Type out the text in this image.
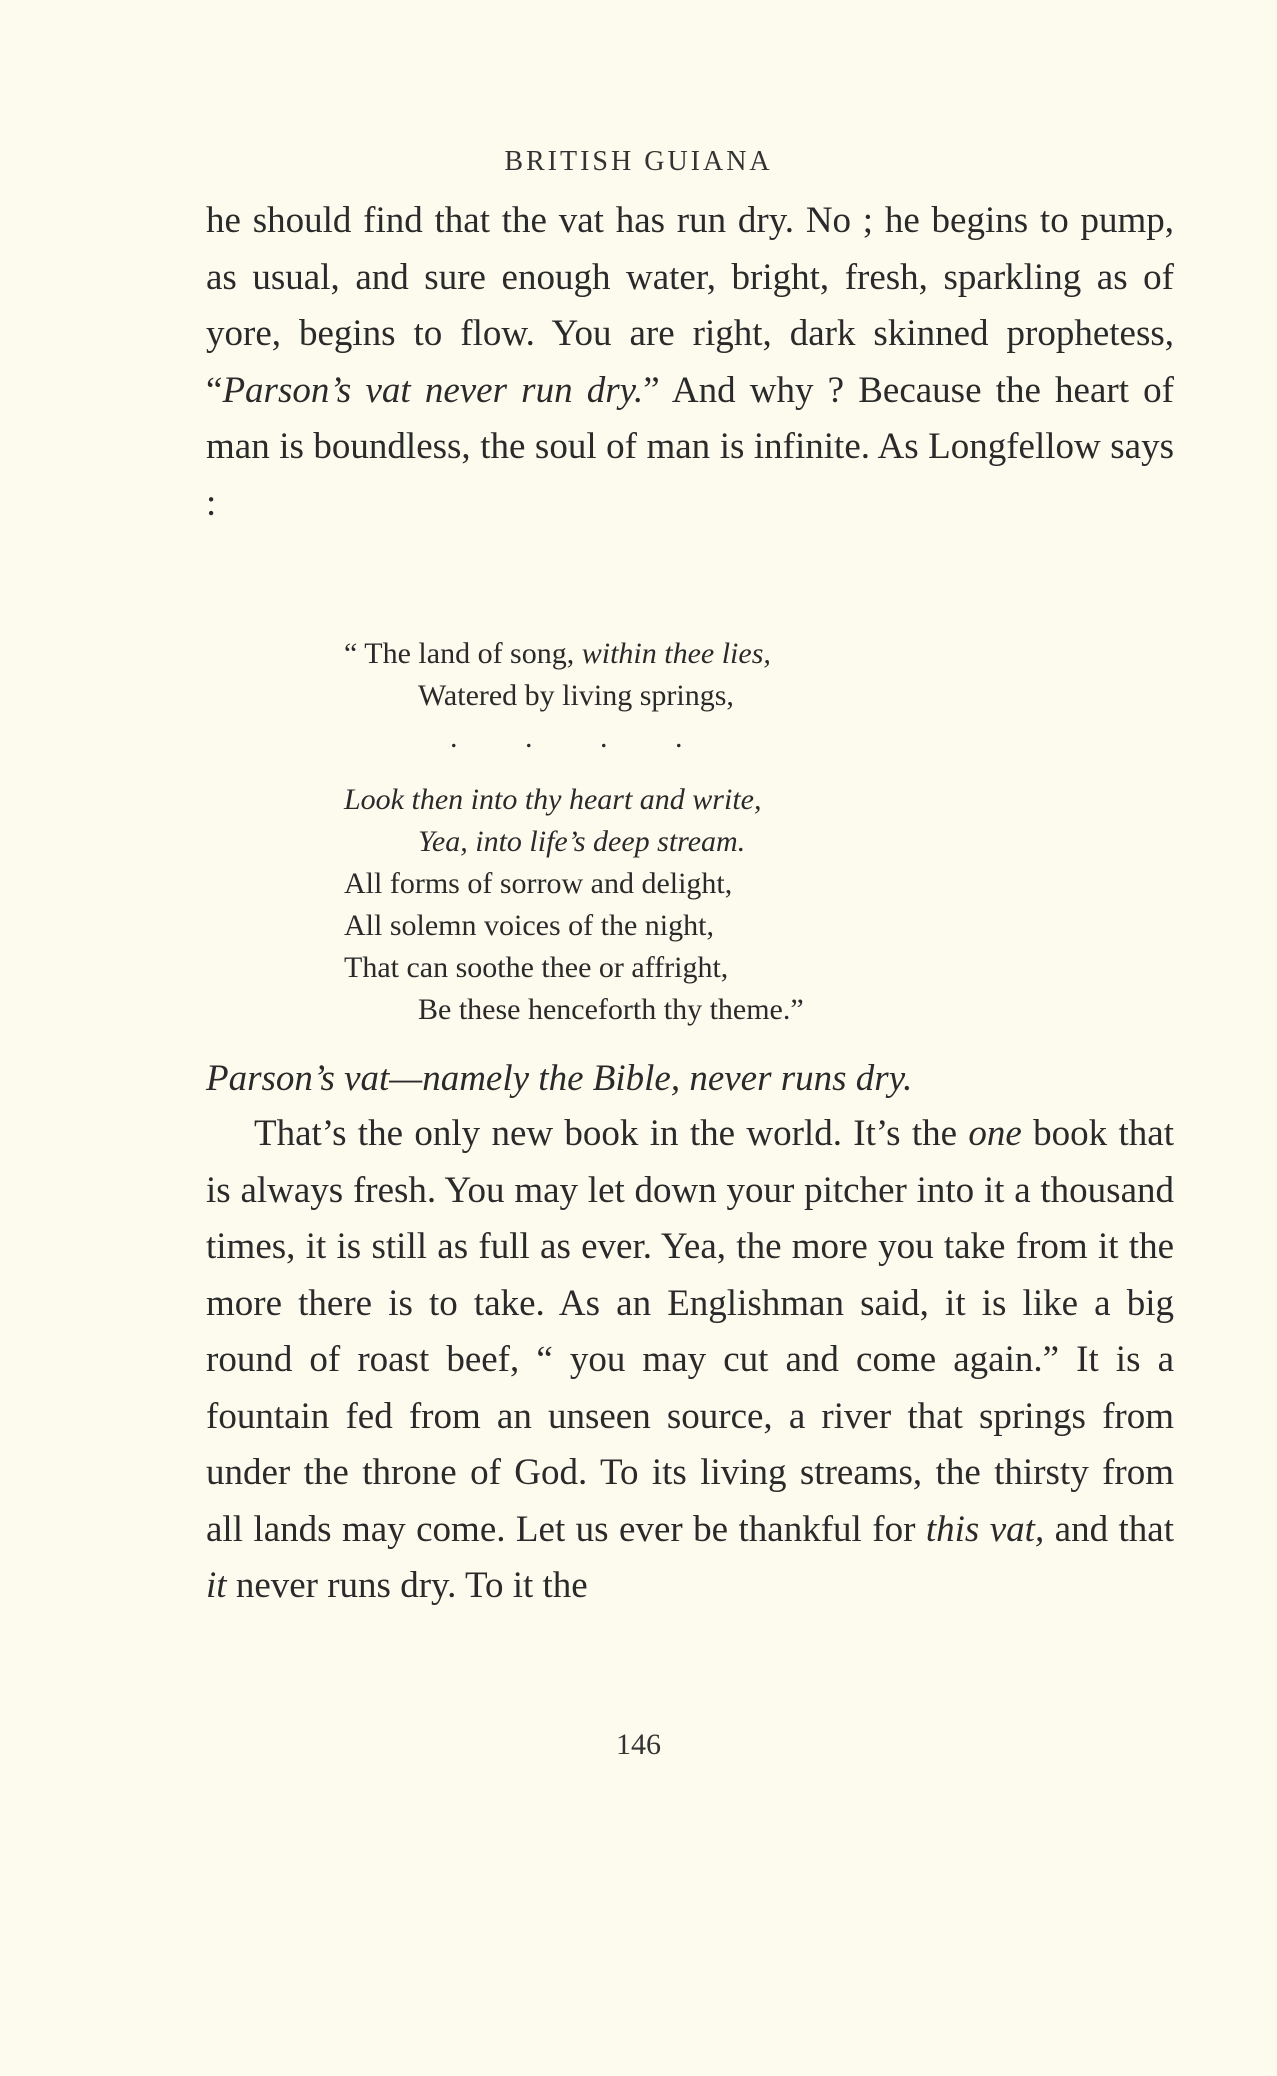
BRITISH GUIANA

he should find that the vat has run dry. No ; he begins to pump, as usual, and sure enough water, bright, fresh, sparkling as of yore, begins to flow. You are right, dark skinned prophetess, “Parson’s vat never run dry.” And why ? Because the heart of man is boundless, the soul of man is infinite. As Longfellow says :

“ The land of song, within thee lies,
Watered by living springs,
. . . .
Look then into thy heart and write,
Yea, into life’s deep stream.
All forms of sorrow and delight,
All solemn voices of the night,
That can soothe thee or affright,
Be these henceforth thy theme.”
Parson’s vat—namely the Bible, never runs dry.

That’s the only new book in the world. It’s the one book that is always fresh. You may let down your pitcher into it a thousand times, it is still as full as ever. Yea, the more you take from it the more there is to take. As an Englishman said, it is like a big round of roast beef, “ you may cut and come again.” It is a fountain fed from an unseen source, a river that springs from under the throne of God. To its living streams, the thirsty from all lands may come. Let us ever be thankful for this vat, and that it never runs dry. To it the

146
